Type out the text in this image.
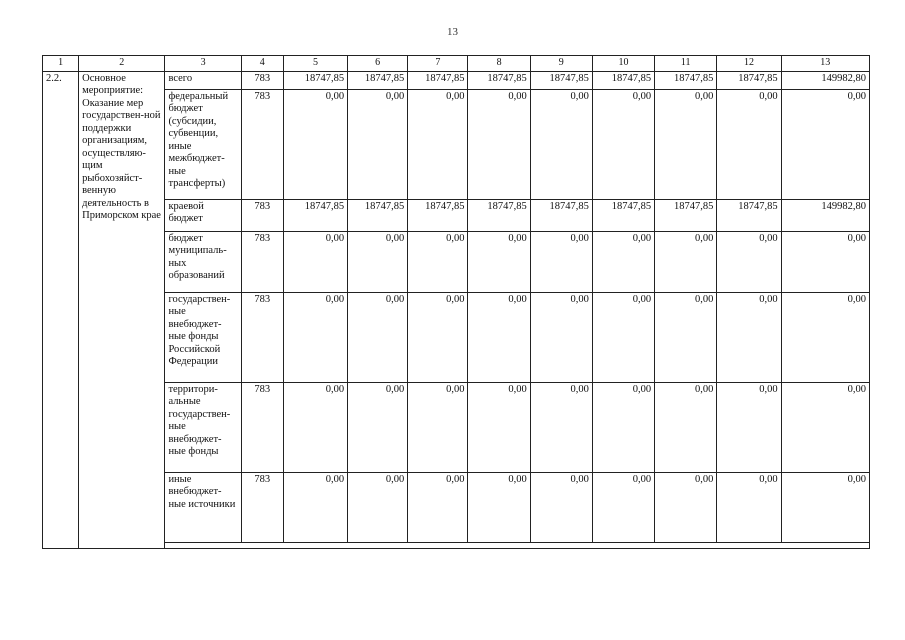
13
1	2	3	4	5	6	7	8	9	10	11	12	13
2.2.	Основное мероприятие: Оказание мер государствен-ной поддержки организациям, осуществляю-щим рыбохозяйст-венную деятельность в Приморском крае	всего	783	18747,85	18747,85	18747,85	18747,85	18747,85	18747,85	18747,85	18747,85	149982,80
		федеральный бюджет (субсидии, субвенции, иные межбюджет-ные трансферты)	783	0,00	0,00	0,00	0,00	0,00	0,00	0,00	0,00	0,00
		краевой бюджет	783	18747,85	18747,85	18747,85	18747,85	18747,85	18747,85	18747,85	18747,85	149982,80
		бюджет муниципаль-ных образований	783	0,00	0,00	0,00	0,00	0,00	0,00	0,00	0,00	0,00
		государствен-ные внебюджет-ные фонды Российской Федерации	783	0,00	0,00	0,00	0,00	0,00	0,00	0,00	0,00	0,00
		территори-альные государствен-ные внебюджет-ные фонды	783	0,00	0,00	0,00	0,00	0,00	0,00	0,00	0,00	0,00
		иные внебюджет-ные источники	783	0,00	0,00	0,00	0,00	0,00	0,00	0,00	0,00	0,00
